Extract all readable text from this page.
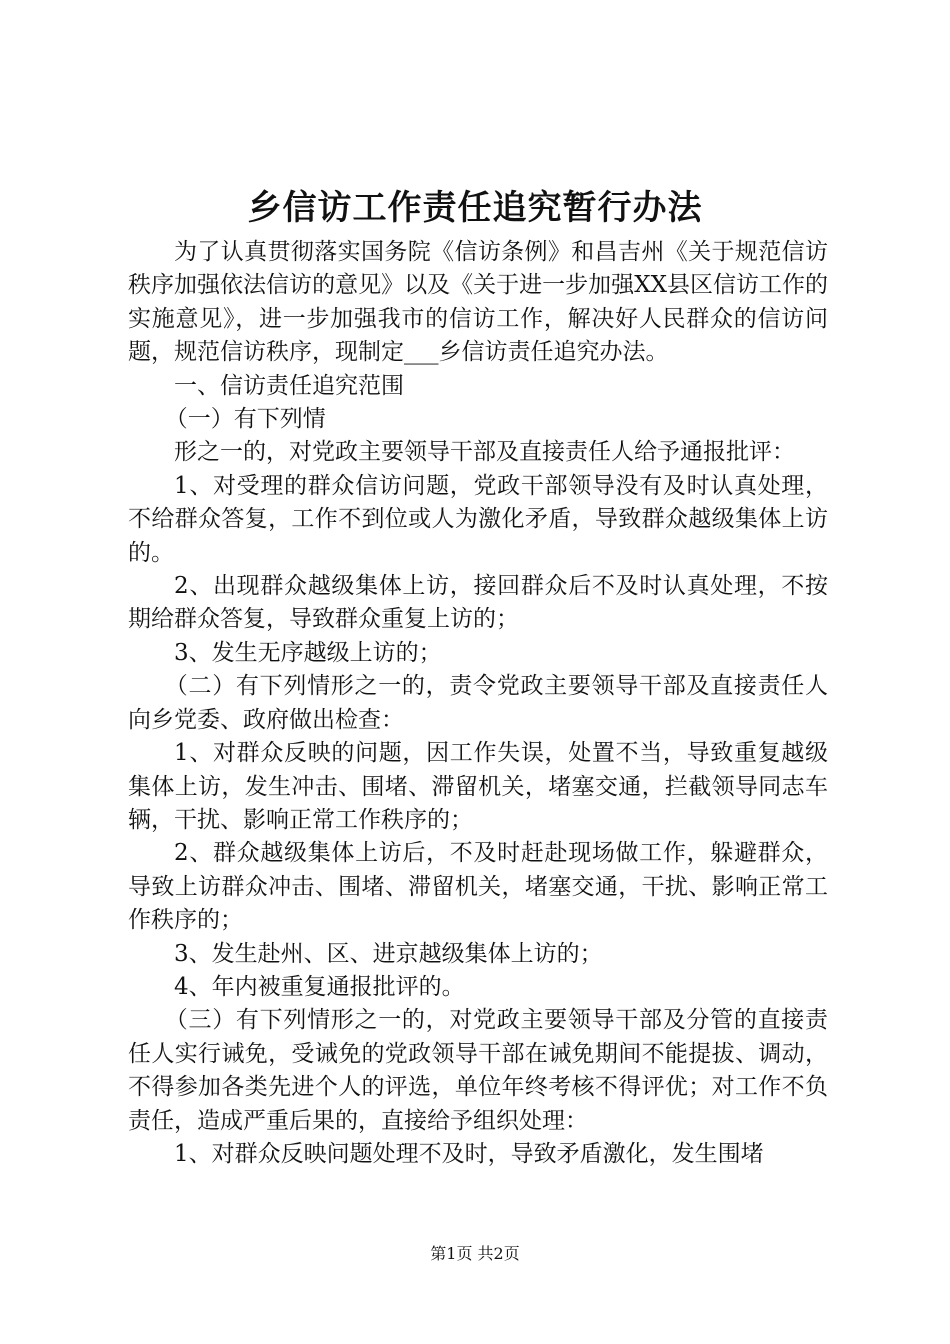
乡信访工作责任追究暂行办法

为了认真贯彻落实国务院《信访条例》和昌吉州《关于规范信访秩序加强依法信访的意见》以及《关于进一步加强XX县区信访工作的实施意见》，进一步加强我市的信访工作，解决好人民群众的信访问题，规范信访秩序，现制定___乡信访责任追究办法。

一、信访责任追究范围

（一）有下列情

形之一的，对党政主要领导干部及直接责任人给予通报批评：

1、对受理的群众信访问题，党政干部领导没有及时认真处理，不给群众答复，工作不到位或人为激化矛盾，导致群众越级集体上访的。

2、出现群众越级集体上访，接回群众后不及时认真处理，不按期给群众答复，导致群众重复上访的；

3、发生无序越级上访的；

（二）有下列情形之一的，责令党政主要领导干部及直接责任人向乡党委、政府做出检查：

1、对群众反映的问题，因工作失误，处置不当，导致重复越级集体上访，发生冲击、围堵、滞留机关，堵塞交通，拦截领导同志车辆，干扰、影响正常工作秩序的；

2、群众越级集体上访后，不及时赶赴现场做工作，躲避群众，导致上访群众冲击、围堵、滞留机关，堵塞交通，干扰、影响正常工作秩序的；

3、发生赴州、区、进京越级集体上访的；

4、年内被重复通报批评的。

（三）有下列情形之一的，对党政主要领导干部及分管的直接责任人实行诫免，受诫免的党政领导干部在诫免期间不能提拔、调动，不得参加各类先进个人的评选，单位年终考核不得评优；对工作不负责任，造成严重后果的，直接给予组织处理：

1、对群众反映问题处理不及时，导致矛盾激化，发生围堵

第1页 共2页
